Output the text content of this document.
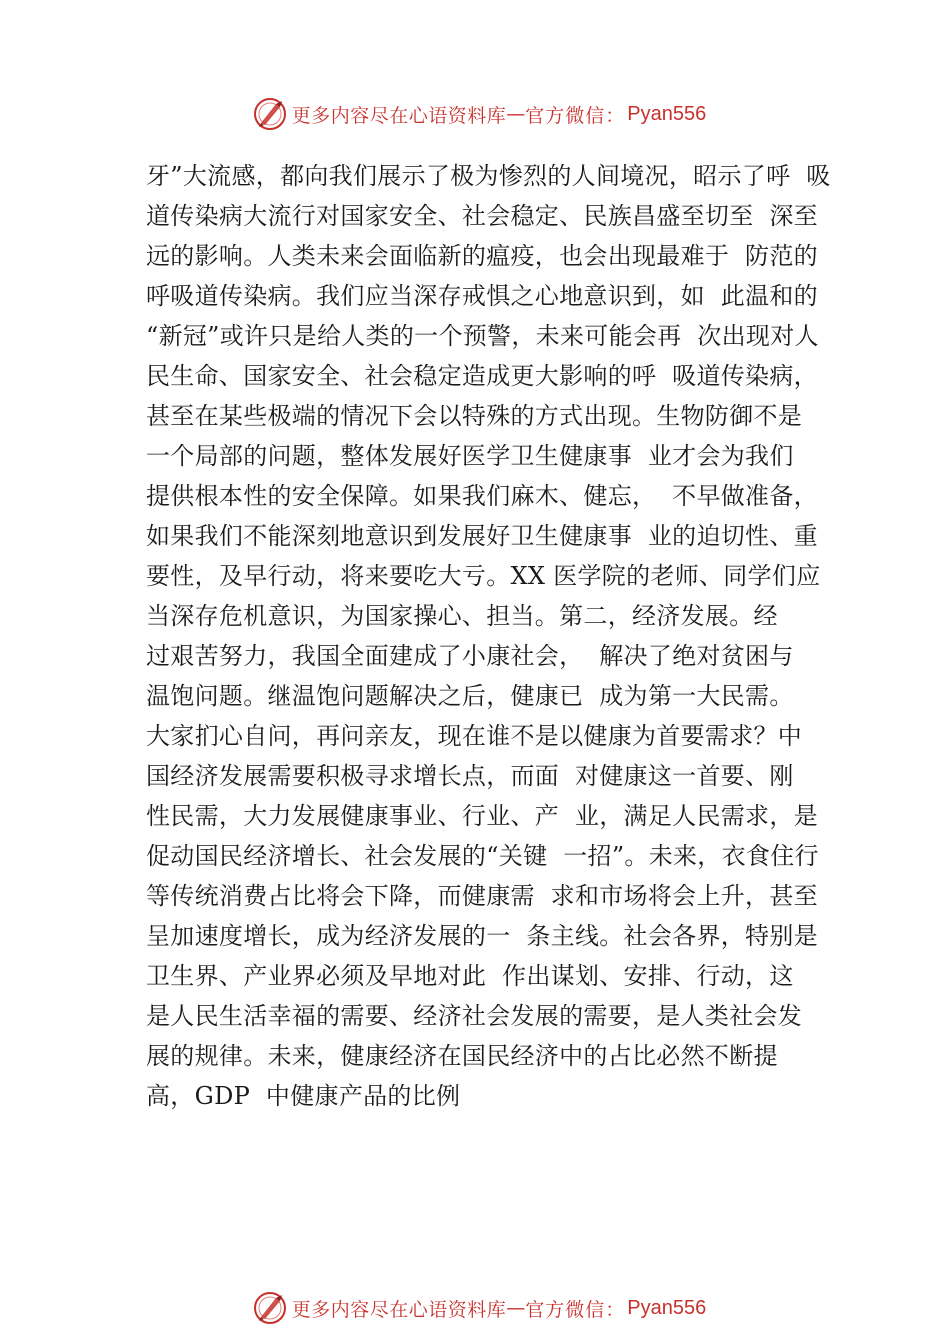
更多内容尽在心语资料库 — 官方微信： Pyan556
牙”大流感，都向我们展示了极为惨烈的人间境况，昭示了呼  吸
道传染病大流行对国家安全、社会稳定、民族昌盛至切至  深至
远的影响。人类未来会面临新的瘟疫，也会出现最难于  防范的
呼吸道传染病。我们应当深存戒惧之心地意识到，如  此温和的
“新冠”或许只是给人类的一个预警，未来可能会再  次出现对人
民生命、国家安全、社会稳定造成更大影响的呼  吸道传染病，
甚至在某些极端的情况下会以特殊的方式出现。生物防御不是
一个局部的问题，整体发展好医学卫生健康事  业才会为我们
提供根本性的安全保障。如果我们麻木、健忘，  不早做准备，
如果我们不能深刻地意识到发展好卫生健康事  业的迫切性、重
要性，及早行动，将来要吃大亏。XX 医学院的老师、同学们应
当深存危机意识，为国家操心、担当。第二，经济发展。经
过艰苦努力，我国全面建成了小康社会，  解决了绝对贫困与
温饱问题。继温饱问题解决之后，健康已  成为第一大民需。
大家扪心自问，再问亲友，现在谁不是以健康为首要需求？中
国经济发展需要积极寻求增长点，而面  对健康这一首要、刚
性民需，大力发展健康事业、行业、产  业，满足人民需求，是
促动国民经济增长、社会发展的“关键  一招”。未来，衣食住行
等传统消费占比将会下降，而健康需  求和市场将会上升，甚至
呈加速度增长，成为经济发展的一  条主线。社会各界，特别是
卫生界、产业界必须及早地对此  作出谋划、安排、行动，这
是人民生活幸福的需要、经济社会发展的需要，是人类社会发
展的规律。未来，健康经济在国民经济中的占比必然不断提
高，GDP  中健康产品的比例
更多内容尽在心语资料库 — 官方微信： Pyan556
